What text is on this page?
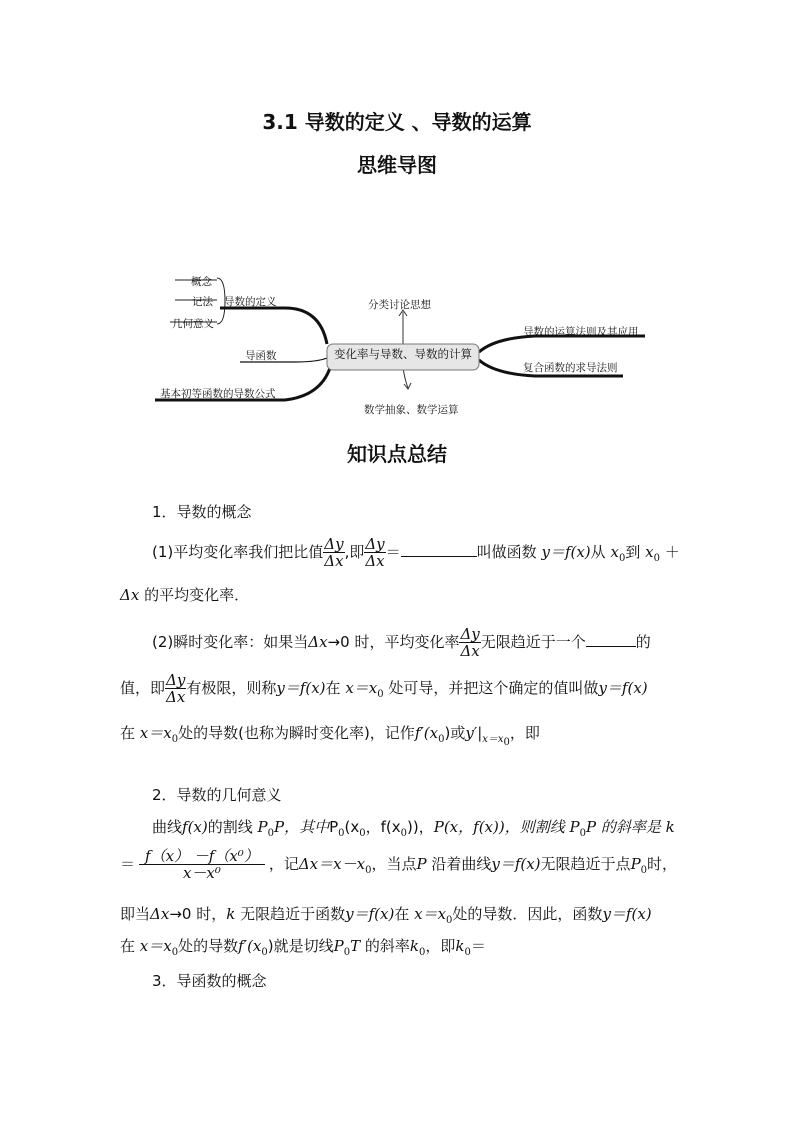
3.1 导数的定义 、导数的运算
思维导图
变化率与导数、导数的计算
概念
记法
几何意义
导数的定义
导函数
基本初等函数的导数公式
分类讨论思想
数学抽象、数学运算
导数的运算法则及其应用
复合函数的求导法则
知识点总结
1．导数的概念
(1)平均变化率我们把比值 $\frac{\Delta y}{\Delta x}$ ,即 $\frac{\Delta y}{\Delta x}$ ＝	叫做函数 y＝f(x)从 $x_0$到 $x_0$ ＋
Δx 的平均变化率．
(2)瞬时变化率：如果当Δx→0 时，平均变化率 $\frac{\Delta y}{\Delta x}$ 无限趋近于一个	的
值，即 $\frac{\Delta y}{\Delta x}$ 有极限，则称y＝f(x)在 $x=x_0$ 处可导，并把这个确定的值叫做y＝f(x)
在 $x=x_0$处的导数(也称为瞬时变化率)，记作$f'(x_0)$或$y'|_{x=x_0}$，即
2．导数的几何意义
曲线f(x)的割线 $P_0P$，其中$P_0(x_0$，$f(x_0)$)，P(x，f(x))，则割线 $P_0P$ 的斜率是 k
＝ $\frac{\text{f（x） －f（x⁰）}}{\text{x－x⁰}}$ ，记$\Delta x=x-x_0$，当点P 沿着曲线y＝f(x)无限趋近于点$P_0$时，
即当Δx→0 时，k 无限趋近于函数y＝f(x)在 $x=x_0$处的导数．因此，函数y＝f(x)
在 $x=x_0$处的导数$f'(x_0)$就是切线$P_0T$ 的斜率$k_0$，即$k_0=$
3．导函数的概念
